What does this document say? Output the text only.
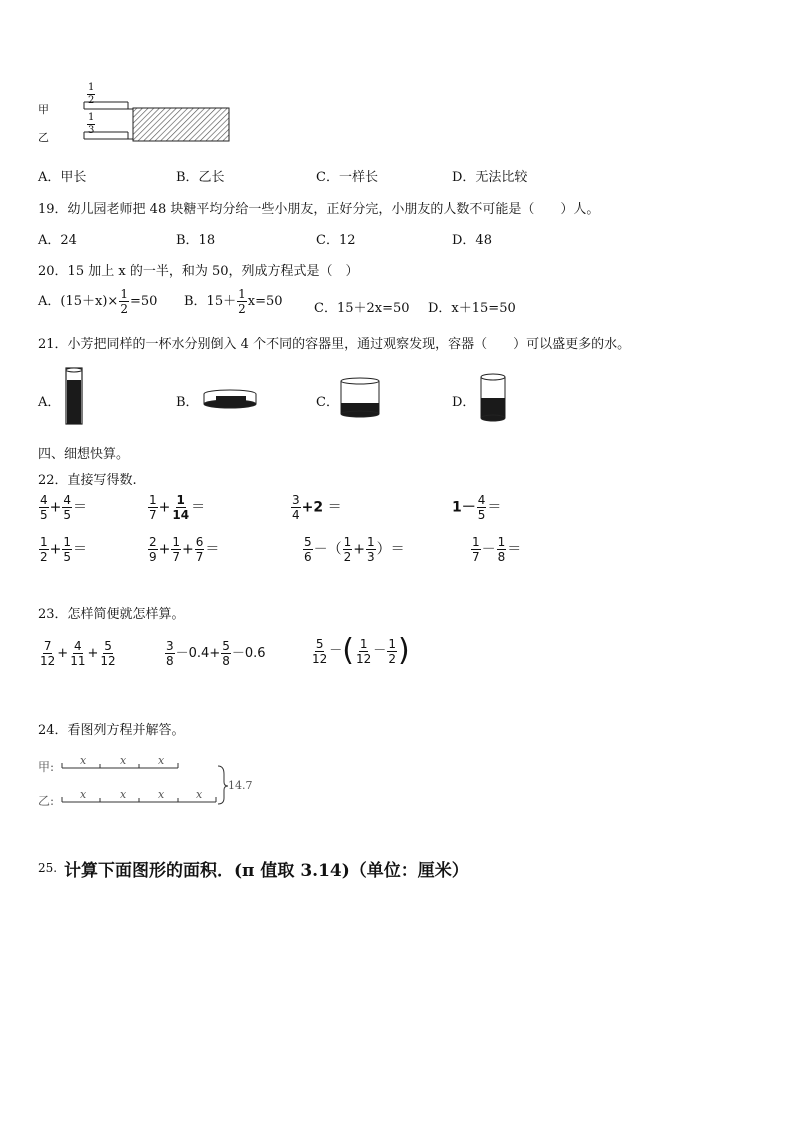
甲
乙
$\frac{1}{2}$
$\frac{1}{3}$
A．甲长	B．乙长	C．一样长	D．无法比较
19．幼儿园老师把 48 块糖平均分给一些小朋友，正好分完，小朋友的人数不可能是（　　）人。
A．24	B．18	C．12	D．48
20．15 加上 x 的一半，和为 50，列成方程式是（　）
A．$(15+x)\times \frac{1}{2} =50$ B．$15+ \frac{1}{2} x=50$ C．15＋2x=50 D．x＋15=50
21．小芳把同样的一杯水分别倒入 4 个不同的容器里，通过观察发现，容器（　　）可以盛更多的水。
A．	B．	C．	D．
四、细想快算。
22．直接写得数.
$\frac{4}{5} + \frac{4}{5}$ ＝	$\frac{1}{7} + \frac{1}{14}$ ＝	$\frac{3}{4} +2$ ＝	$1- \frac{4}{5}$ ＝
$\frac{1}{2} + \frac{1}{5}$ ＝	$\frac{2}{9} + \frac{1}{7} + \frac{6}{7}$ ＝	$\frac{5}{6}$ －（ $\frac{1}{2} + \frac{1}{3}$ ）＝	$\frac{1}{7} - \frac{1}{8}$ ＝
23．怎样简便就怎样算。
$\frac{7}{12} + \frac{4}{11} + \frac{5}{12}$	$\frac{3}{8} -0.4+ \frac{5}{8} -0.6$	$\frac{5}{12}$ －( $\frac{1}{12} - \frac{1}{2}$ )
24．看图列方程并解答。
甲:
乙:
x	x	x
x	x	x	x
14.7
25. 计算下面图形的面积．(π 值取 3.14)（单位：厘米）
